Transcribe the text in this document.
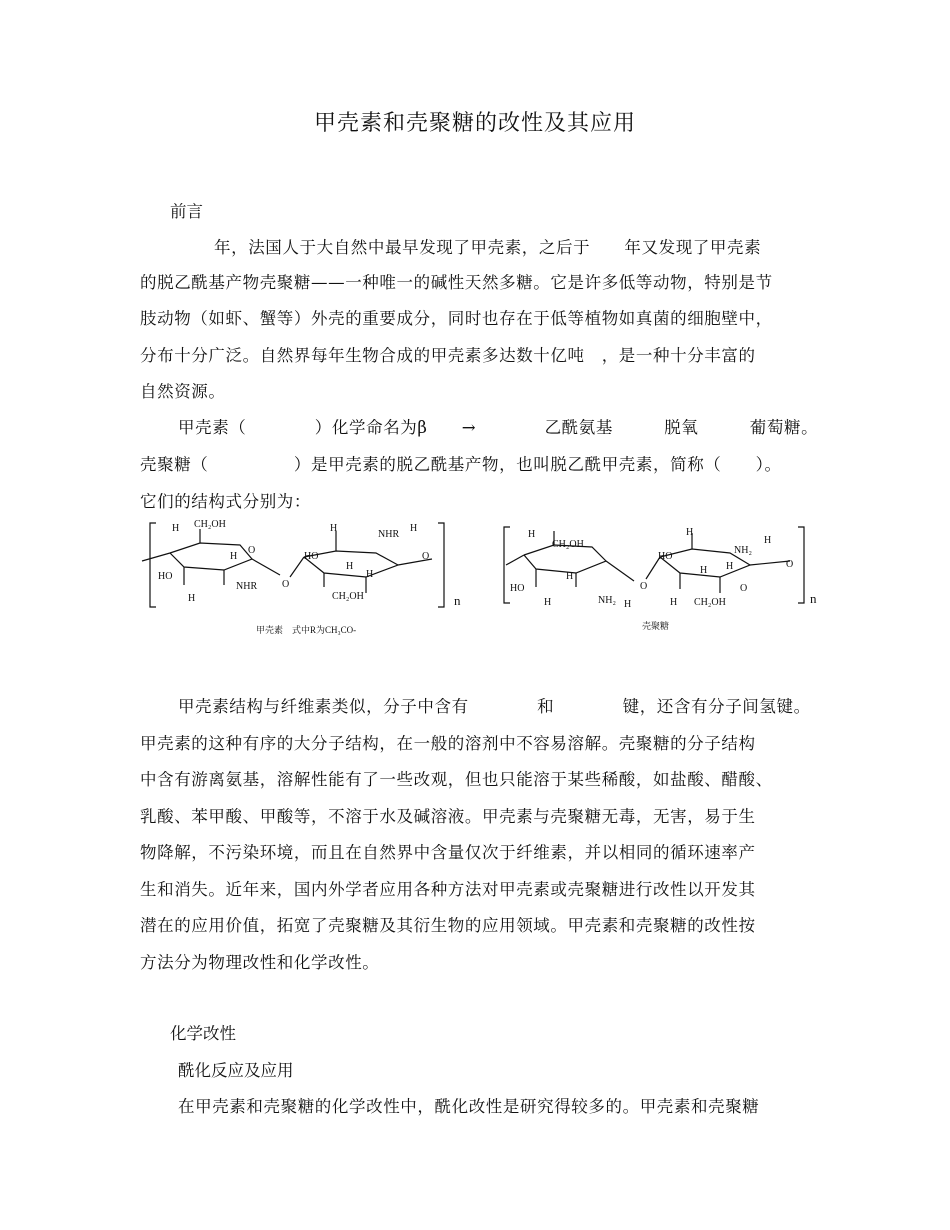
甲壳素和壳聚糖的改性及其应用
前言
年，法国人于大自然中最早发现了甲壳素，之后于　　年又发现了甲壳素
的脱乙酰基产物壳聚糖——一种唯一的碱性天然多糖。它是许多低等动物，特别是节
肢动物（如虾、蟹等）外壳的重要成分，同时也存在于低等植物如真菌的细胞壁中，
分布十分广泛。自然界每年生物合成的甲壳素多达数十亿吨　，是一种十分丰富的
自然资源。
甲壳素（　　　　）化学命名为β　　→　　　　乙酰氨基　　　脱氧　　　葡萄糖。
壳聚糖（　　　　　）是甲壳素的脱乙酰基产物，也叫脱乙酰甲壳素，简称（　　）。
它们的结构式分别为：
H CH₂OH
HO
H
H
NHR
O
O
H
HO
NHR
H
H
H
CH₂OH
O
n
甲壳素　式中R为CH₃CO-
H
CH₂OH
HO
H
H
NH₂ H
O
HO
H
NH₂
H
H H
H CH₂OH
O
O
n
壳聚糖
甲壳素结构与纤维素类似，分子中含有　　　　和　　　　键，还含有分子间氢键。
甲壳素的这种有序的大分子结构，在一般的溶剂中不容易溶解。壳聚糖的分子结构
中含有游离氨基，溶解性能有了一些改观，但也只能溶于某些稀酸，如盐酸、醋酸、
乳酸、苯甲酸、甲酸等，不溶于水及碱溶液。甲壳素与壳聚糖无毒，无害，易于生
物降解，不污染环境，而且在自然界中含量仅次于纤维素，并以相同的循环速率产
生和消失。近年来，国内外学者应用各种方法对甲壳素或壳聚糖进行改性以开发其
潜在的应用价值，拓宽了壳聚糖及其衍生物的应用领域。甲壳素和壳聚糖的改性按
方法分为物理改性和化学改性。
化学改性
酰化反应及应用
在甲壳素和壳聚糖的化学改性中，酰化改性是研究得较多的。甲壳素和壳聚糖
